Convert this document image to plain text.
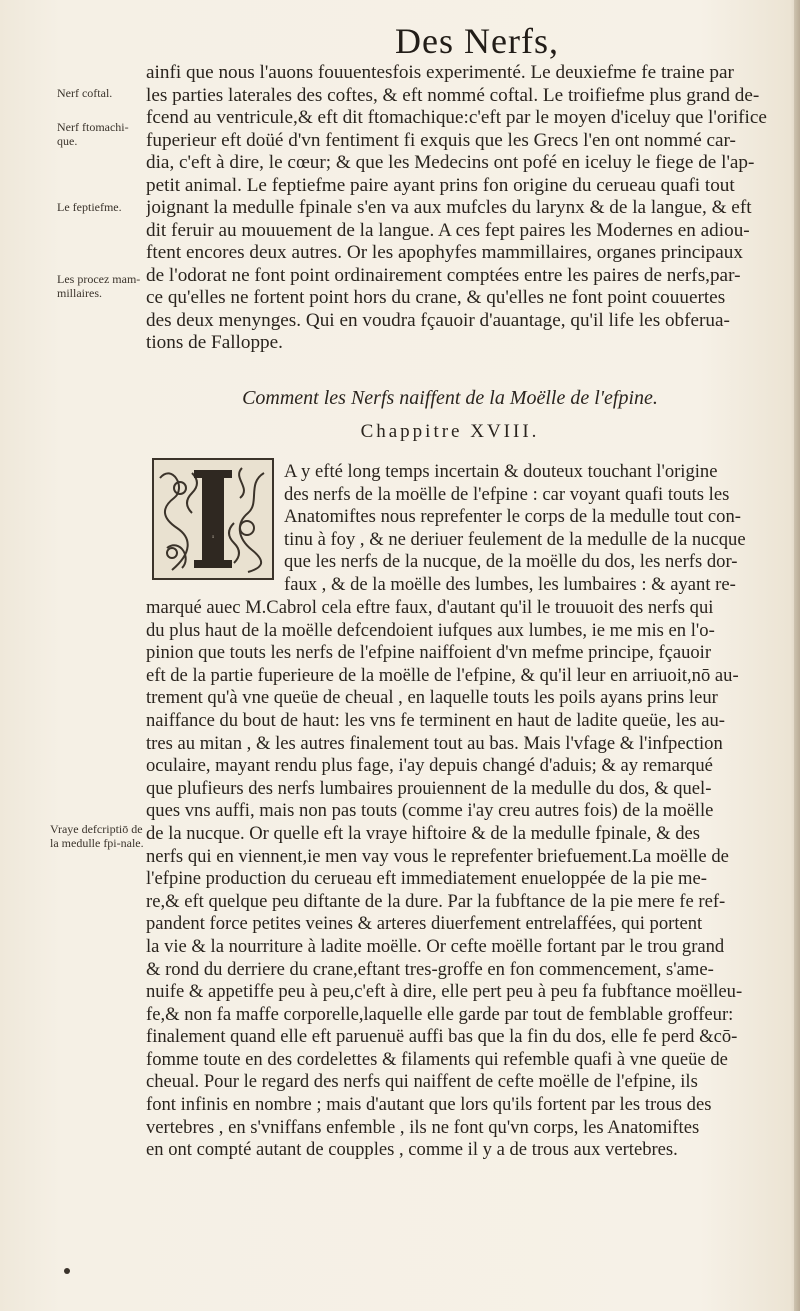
Des Nerfs,
Nerf coftal.
Nerf ftomachi-que.
Le feptiefme.
Les procez mam-millaires.
Vraye defcriptiō de la medulle fpi-nale.
ainfi que nous l'auons fouuentesfois experimenté. Le deuxiefme fe traine par
les parties laterales des coftes, & eft nommé coftal. Le troifiefme plus grand de-
fcend au ventricule,& eft dit ftomachique:c'eft par le moyen d'iceluy que l'orifice
fuperieur eft doüé d'vn fentiment fi exquis que les Grecs l'en ont nommé car-
dia, c'eft à dire, le cœur; & que les Medecins ont pofé en iceluy le fiege de l'ap-
petit animal. Le feptiefme paire ayant prins fon origine du cerueau quafi tout
joignant la medulle fpinale s'en va aux mufcles du larynx & de la langue, & eft
dit feruir au mouuement de la langue. A ces fept paires les Modernes en adiou-
ftent encores deux autres. Or les apophyfes mammillaires, organes principaux
de l'odorat ne font point ordinairement comptées entre les paires de nerfs,par-
ce qu'elles ne fortent point hors du crane, & qu'elles ne font point couuertes
des deux menynges. Qui en voudra fçauoir d'auantage, qu'il life les obferua-
tions de Falloppe.
Comment les Nerfs naiffent de la Moëlle de l'efpine.
Chappitre XVIII.
I
A y efté long temps incertain & douteux touchant l'origine
des nerfs de la moëlle de l'efpine : car voyant quafi touts les
Anatomiftes nous reprefenter le corps de la medulle tout con-
tinu à foy , & ne deriuer feulement de la medulle de la nucque
que les nerfs de la nucque, de la moëlle du dos, les nerfs dor-
faux , & de la moëlle des lumbes, les lumbaires : & ayant re-
marqué auec M.Cabrol cela eftre faux, d'autant qu'il le trouuoit des nerfs qui
du plus haut de la moëlle defcendoient iufques aux lumbes, ie me mis en l'o-
pinion que touts les nerfs de l'efpine naiffoient d'vn mefme principe, fçauoir
eft de la partie fuperieure de la moëlle de l'efpine, & qu'il leur en arriuoit,nō au-
trement qu'à vne queüe de cheual , en laquelle touts les poils ayans prins leur
naiffance du bout de haut: les vns fe terminent en haut de ladite queüe, les au-
tres au mitan , & les autres finalement tout au bas. Mais l'vfage & l'infpection
oculaire, mayant rendu plus fage, i'ay depuis changé d'aduis; & ay remarqué
que plufieurs des nerfs lumbaires prouiennent de la medulle du dos, & quel-
ques vns auffi, mais non pas touts (comme i'ay creu autres fois) de la moëlle
de la nucque. Or quelle eft la vraye hiftoire & de la medulle fpinale, & des
nerfs qui en viennent,ie men vay vous le reprefenter briefuement.La moëlle de
l'efpine production du cerueau eft immediatement enueloppée de la pie me-
re,& eft quelque peu diftante de la dure. Par la fubftance de la pie mere fe ref-
pandent force petites veines & arteres diuerfement entrelaffées, qui portent
la vie & la nourriture à ladite moëlle. Or cefte moëlle fortant par le trou grand
& rond du derriere du crane,eftant tres-groffe en fon commencement, s'ame-
nuife & appetiffe peu à peu,c'eft à dire, elle pert peu à peu fa fubftance moëlleu-
fe,& non fa maffe corporelle,laquelle elle garde par tout de femblable groffeur:
finalement quand elle eft paruenuë auffi bas que la fin du dos, elle fe perd &cō-
fomme toute en des cordelettes & filaments qui refemble quafi à vne queüe de
cheual. Pour le regard des nerfs qui naiffent de cefte moëlle de l'efpine, ils
font infinis en nombre ; mais d'autant que lors qu'ils fortent par les trous des
vertebres , en s'vniffans enfemble , ils ne font qu'vn corps, les Anatomiftes
en ont compté autant de coupples , comme il y a de trous aux vertebres.
